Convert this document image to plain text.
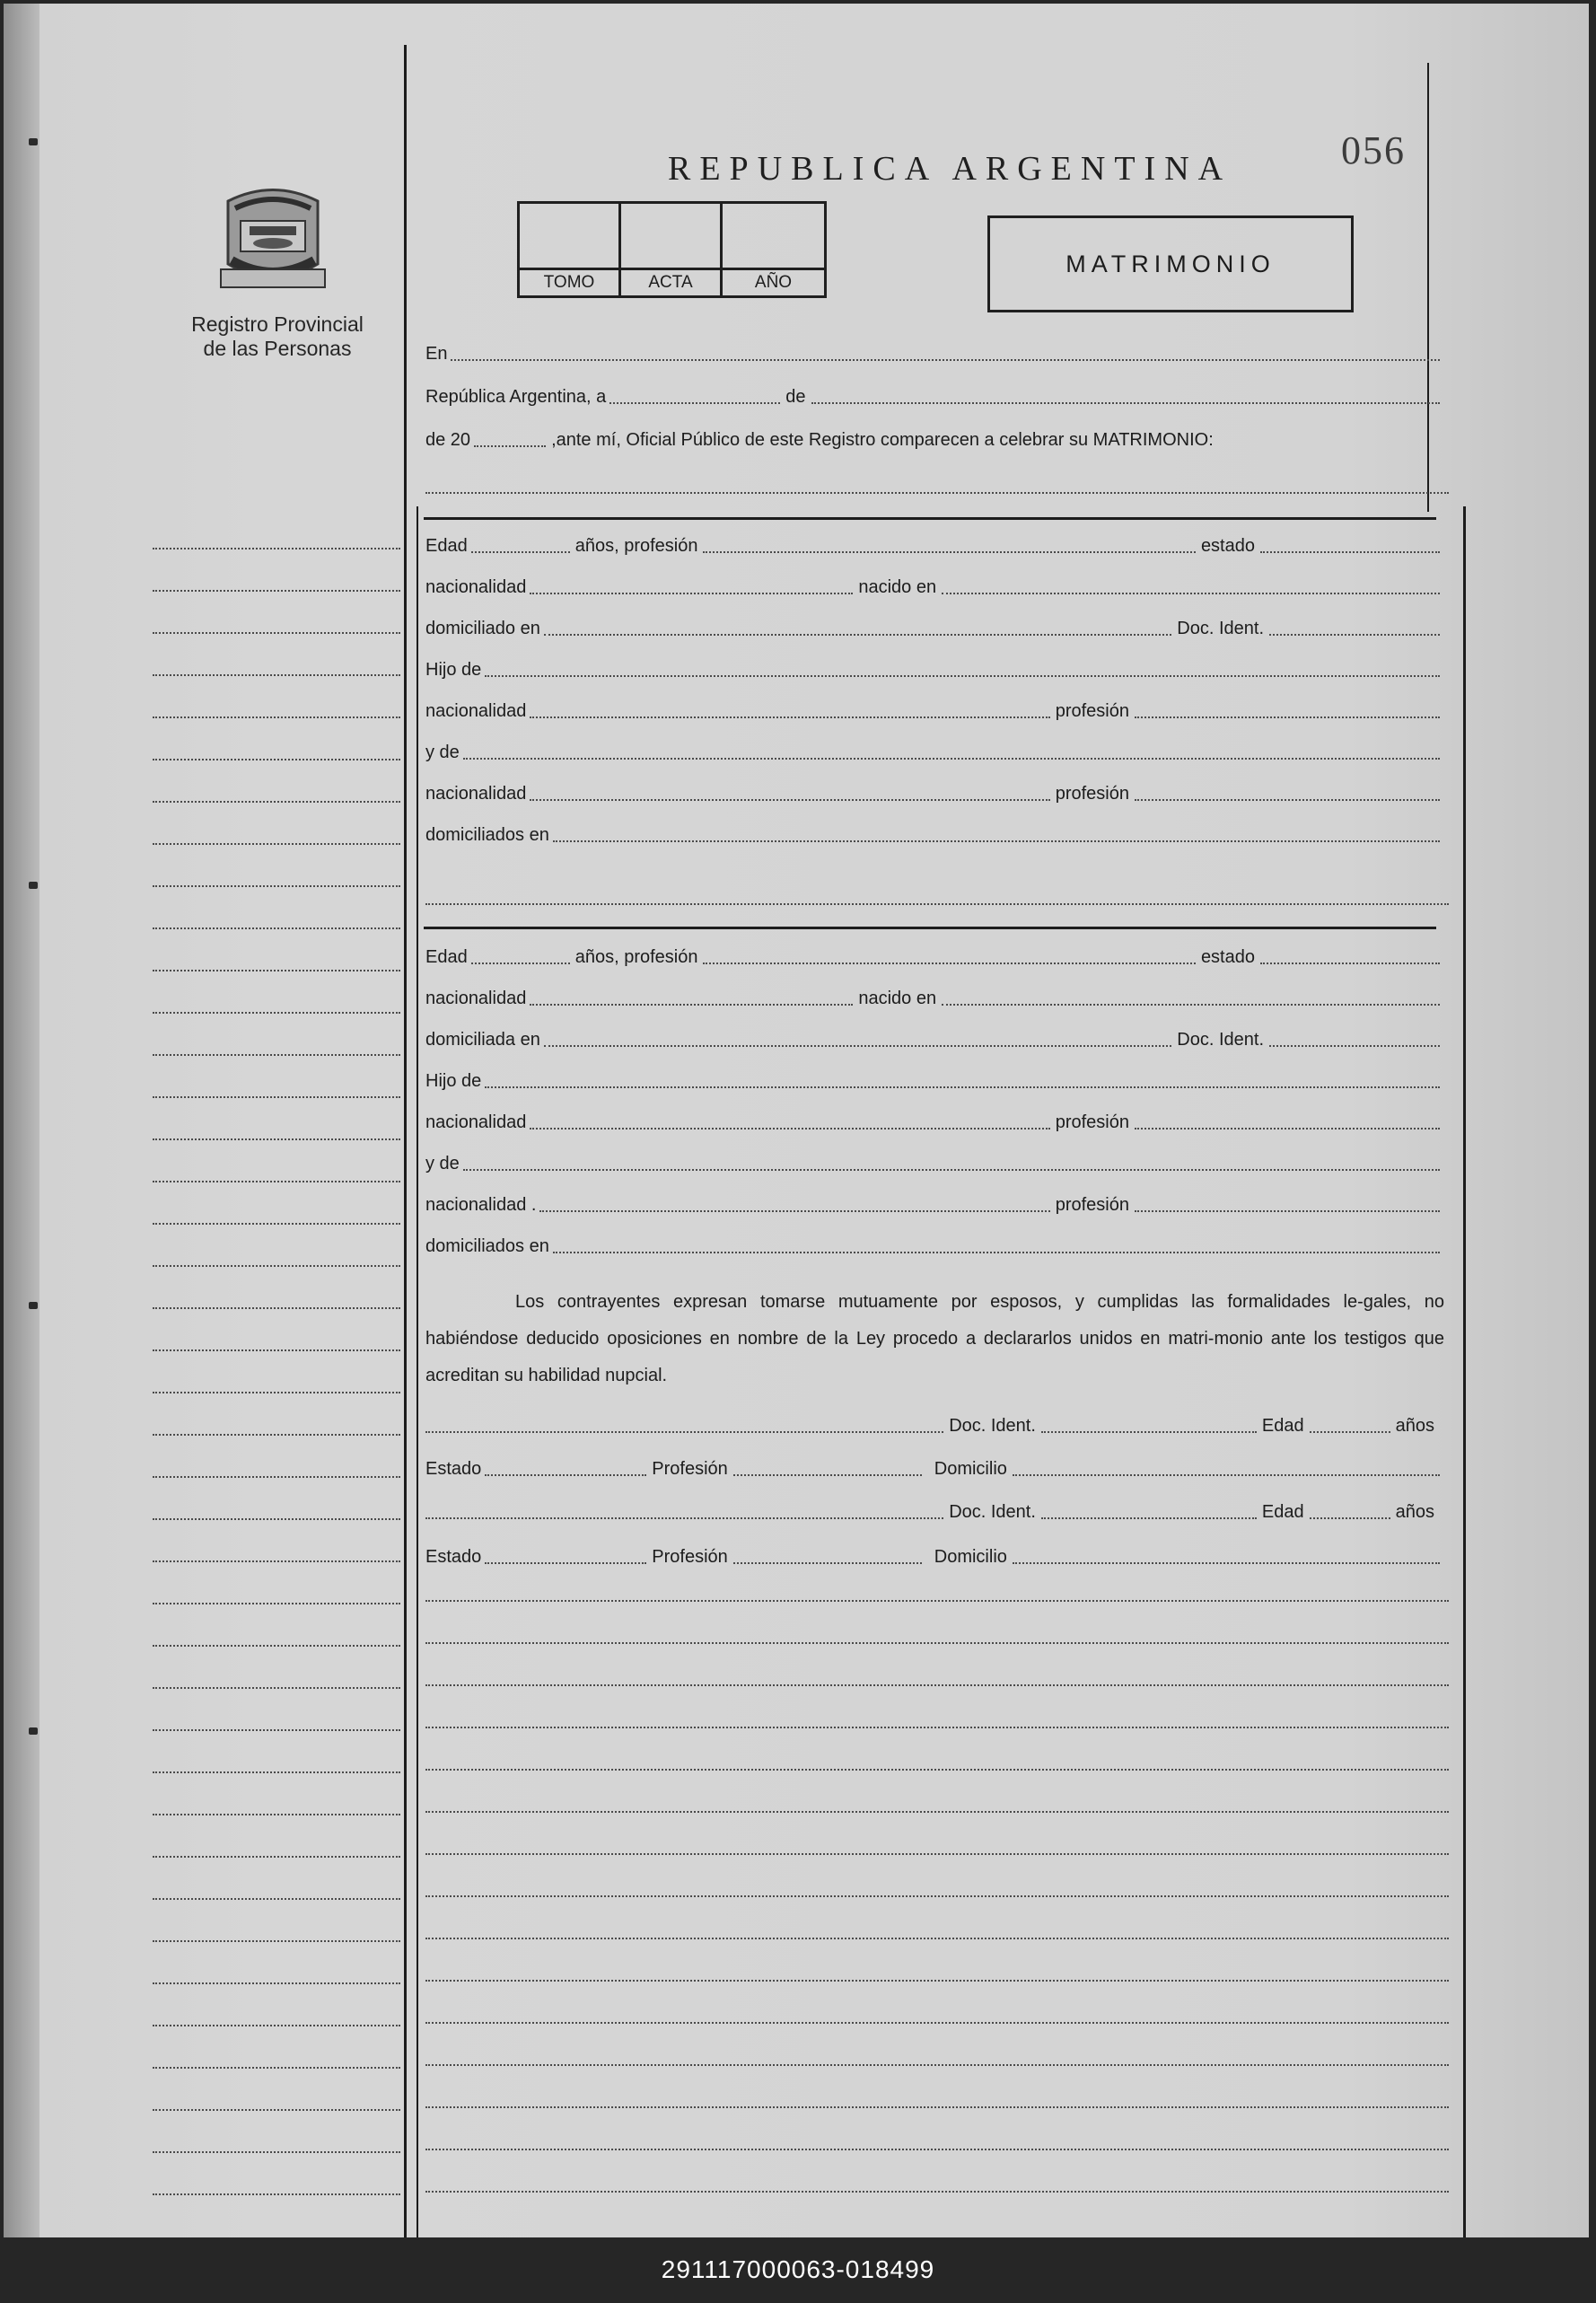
Registro Provincial
de las Personas
REPUBLICA ARGENTINA	056
TOMO	ACTA	AÑO
MATRIMONIO
En
República Argentina, a	de
de 20	,ante mí, Oficial Público de este Registro comparecen a celebrar su MATRIMONIO:
Edad	años, profesión	estado
nacionalidad	nacido en
domiciliado en	Doc. Ident.
Hijo de
nacionalidad	profesión
y de
nacionalidad	profesión
domiciliados en
Edad	años, profesión	estado
nacionalidad	nacido en
domiciliada en	Doc. Ident.
Hijo de
nacionalidad	profesión
y de
nacionalidad .	profesión
domiciliados en
Los contrayentes expresan tomarse mutuamente por esposos, y cumplidas las formalidades le-gales, no habiéndose deducido oposiciones en nombre de la Ley procedo a declararlos unidos en matri-monio ante los testigos que acreditan su habilidad nupcial.
Doc. Ident.	Edad	años
Estado	Profesión	Domicilio
Doc. Ident.	Edad	años
Estado	Profesión	Domicilio
291117000063-018499
